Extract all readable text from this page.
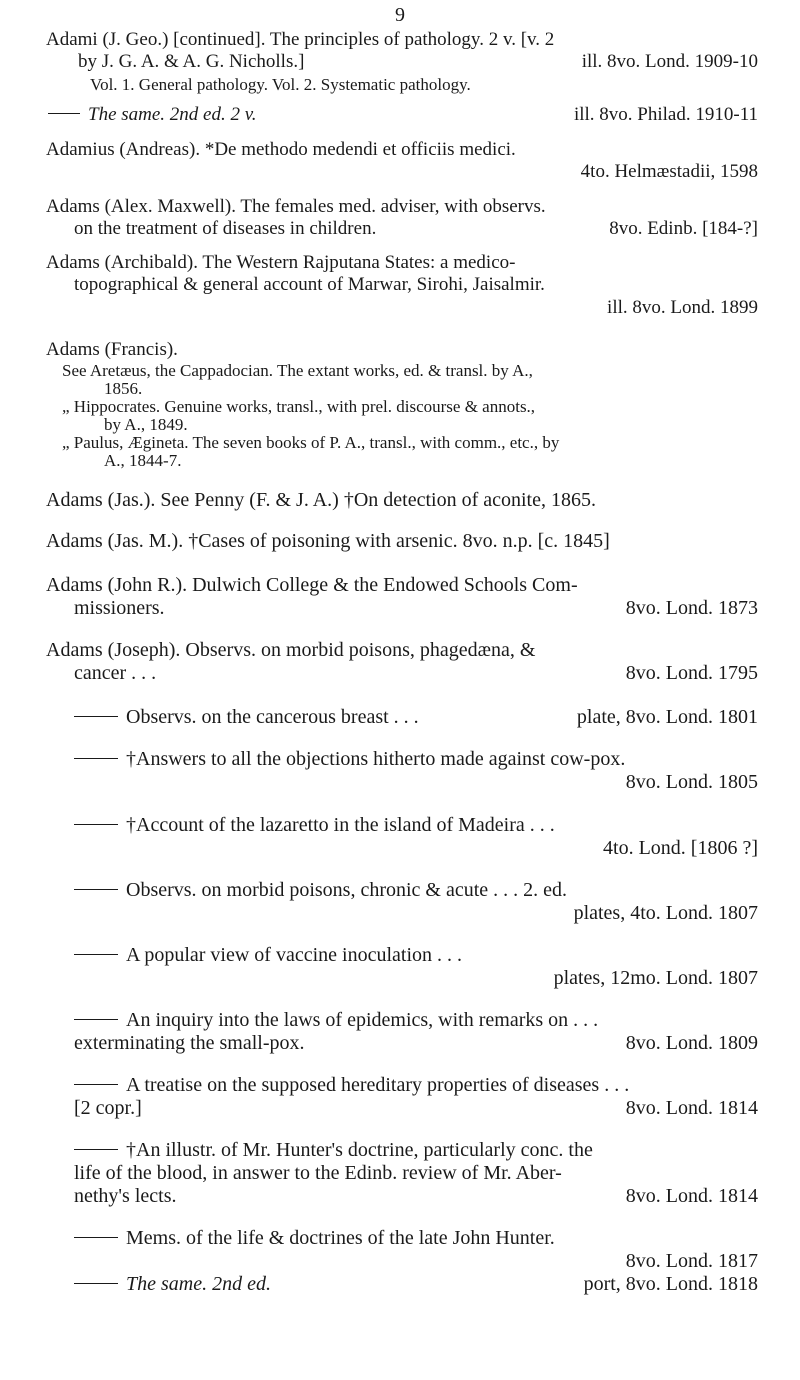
9
Adami (J. Geo.) [continued]. The principles of pathology. 2 v. [v. 2
by J. G. A. & A. G. Nicholls.]	ill. 8vo. Lond. 1909-10
Vol. 1. General pathology. Vol. 2. Systematic pathology.
The same. 2nd ed. 2 v.	ill. 8vo. Philad. 1910-11
Adamius (Andreas). *De methodo medendi et officiis medici.
4to. Helmæstadii, 1598
Adams (Alex. Maxwell). The females med. adviser, with observs.
on the treatment of diseases in children.	8vo. Edinb. [184-?]
Adams (Archibald). The Western Rajputana States: a medico-
topographical & general account of Marwar, Sirohi, Jaisalmir.
ill. 8vo. Lond. 1899
Adams (Francis).
See Aretæus, the Cappadocian. The extant works, ed. & transl. by A.,
1856.
„ Hippocrates. Genuine works, transl., with prel. discourse & annots.,
by A., 1849.
„ Paulus, Ægineta. The seven books of P. A., transl., with comm., etc., by
A., 1844-7.
Adams (Jas.). See Penny (F. & J. A.) †On detection of aconite, 1865.
Adams (Jas. M.). †Cases of poisoning with arsenic. 8vo. n.p. [c. 1845]
Adams (John R.). Dulwich College & the Endowed Schools Com-
missioners.	8vo. Lond. 1873
Adams (Joseph). Observs. on morbid poisons, phagedæna, &
cancer . . .	8vo. Lond. 1795
Observs. on the cancerous breast . . .	plate, 8vo. Lond. 1801
†Answers to all the objections hitherto made against cow-pox.
8vo. Lond. 1805
†Account of the lazaretto in the island of Madeira . . .
4to. Lond. [1806 ?]
Observs. on morbid poisons, chronic & acute . . . 2. ed.
plates, 4to. Lond. 1807
A popular view of vaccine inoculation . . .
plates, 12mo. Lond. 1807
An inquiry into the laws of epidemics, with remarks on . . .
exterminating the small-pox.	8vo. Lond. 1809
A treatise on the supposed hereditary properties of diseases . . .
[2 copr.]	8vo. Lond. 1814
†An illustr. of Mr. Hunter's doctrine, particularly conc. the
life of the blood, in answer to the Edinb. review of Mr. Aber-
nethy's lects.	8vo. Lond. 1814
Mems. of the life & doctrines of the late John Hunter.
8vo. Lond. 1817
The same. 2nd ed.	port, 8vo. Lond. 1818
